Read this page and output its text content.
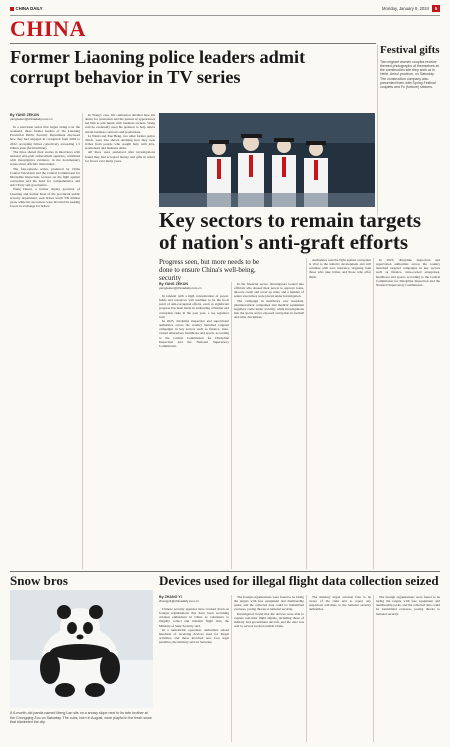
CHINA DAILY	Monday, January 8, 2024	5
CHINA
Former Liaoning police leaders admit corrupt behavior in TV series
By YANG ZEKUN
yangzekun@chinadaily.com.cn

In a television series that began airing over the weekend, three former leaders of the Liaoning Provincial Public Security Department disclosed how they had engaged in corruption from 2002 to 2022, accepting bribes collectively exceeding 1.5 billion yuan ($210 million).

The three shared their stories in interviews with national anti-graft enforcement agencies, combined with investigative evidence, in the documentary series about officials' misconduct.

The four-episode series, produced by China Central Television and the Central Commission for Discipline Inspection, focuses on the fight against corruption and the need for comprehensive and strict Party self-governance.

Wang Dawei, a former deputy governor of Liaoning and former head of the provincial public security department, took bribes worth 339 million yuan, while his successors were involved in seeking favors in exchange for bribes.

In Wang's case, his confession detailed how his desire for promotion and his pursuit of appearances led him to join hands with business owners. Wang said he eventually used his position to help others obtain business contracts and promotions.

Li Wenxi and Xue Heng, two other former police chiefs, were also shown detailing how they took bribes from people who sought help with jobs, promotions and business deals.

All three were sentenced after investigations found they had accepted money and gifts in return for favors over many years.

Festival gifts
Two migrant women couples receive themed photographs of themselves at the construction site they work at in Hefei, Anhui province, on Saturday. The construction company also presented them with Spring Festival couplets and Fu (fortune) stickers.
Key sectors to remain targets of nation's anti-graft efforts
Progress seen, but more needs to be done to ensure China's well-being, security
By YANG ZEKUN
yangzekun@chinadaily.com.cn

In tandem with a high concentration of power, funds and resources will continue to be the focal point of anti-corruption efforts, even as significant progress has been made in addressing collusion and corruption risks in the past year, a top regulator said.

In 2023, discipline inspection and supervision authorities across the country launched targeted campaigns in key sectors such as finance, state-owned enterprises, healthcare and sports, according to the Central Commission for Discipline Inspection and the National Supervisory Commission.

In the financial sector, investigators looked into officials who abused their power to approve loans, allocate credit and cover up risks, and a number of senior executives were placed under investigation.

The campaign in healthcare saw hospitals, pharmaceutical companies and medical equipment suppliers come under scrutiny, while investigations into the sports sector exposed corruption in football and other disciplines.

Authorities said the fight against corruption is vital to the nation's development and will continue with zero tolerance, targeting both those who take bribes and those who offer them.

In 2023, discipline inspection and supervision authorities across the country launched targeted campaigns in key sectors such as finance, state-owned enterprises, healthcare and sports, according to the Central Commission for Discipline Inspection and the National Supervisory Commission.

Snow bros
A 6-month-old panda named Meng Lan sits on a snowy slope next to its twin brother at the Chongqing Zoo on Saturday. The cubs, born in August, were playful in the fresh snow that blanketed the city.
Devices used for illegal flight data collection seized
By ZHANG YI
zhangyi1@chinadaily.com.cn

Chinese security agencies have cracked down on foreign organizations that have been recruiting aviation enthusiasts in China as volunteers to illegally collect and transmit flight data, the Ministry of State Security said.

In a nationwide operation, authorities seized hundreds of receiving devices used for illegal activities, and those involved now face legal penalties, the ministry said on Saturday.

The foreign organizations were found to be luring the targets with free equipment and membership perks, and the collected data could be transmitted overseas, posing threats to national security.

Investigators found that the devices were able to capture real-time flight signals, including those of military and government aircraft, and the data was sent to servers located outside China.

The ministry urged aviation fans to be aware of the risks and to report any suspicious activities to the national security authorities.

The foreign organizations were found to be luring the targets with free equipment and membership perks, and the collected data could be transmitted overseas, posing threats to national security.
